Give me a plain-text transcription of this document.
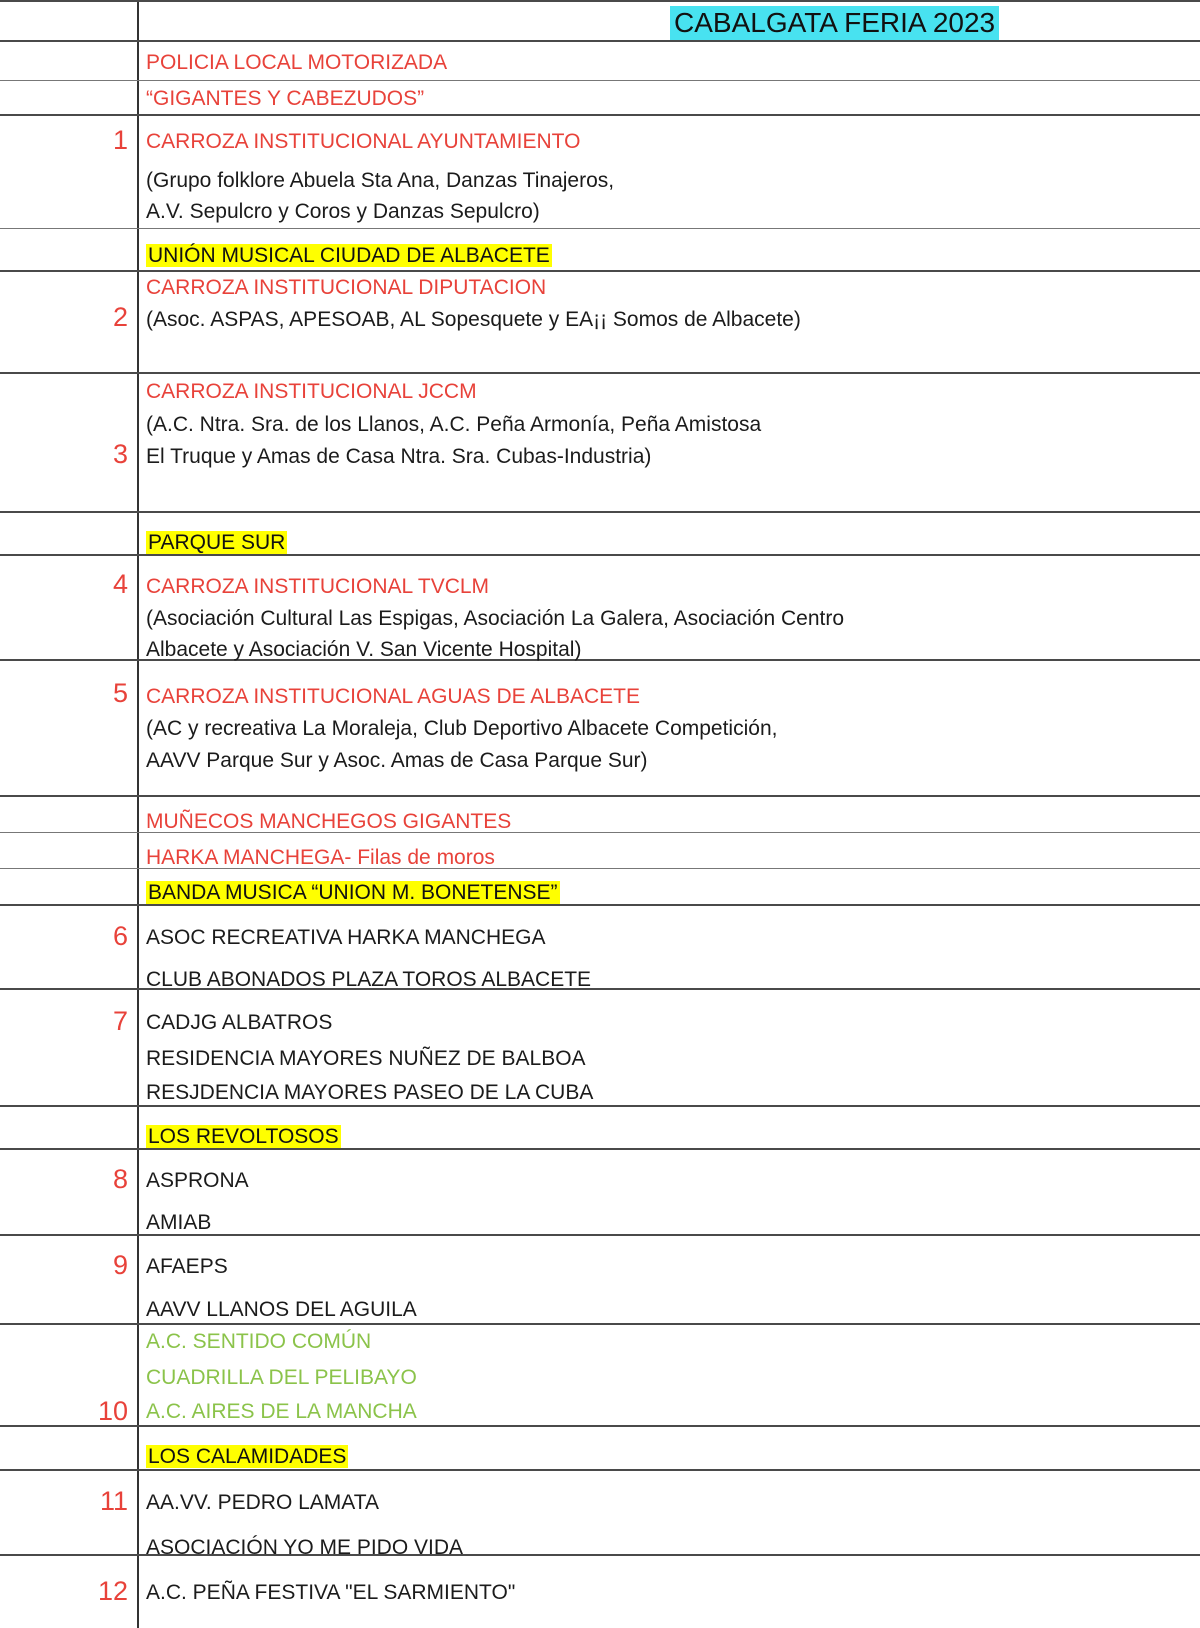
CABALGATA FERIA 2023
POLICIA LOCAL MOTORIZADA
“GIGANTES Y CABEZUDOS”
1 CARROZA INSTITUCIONAL AYUNTAMIENTO
(Grupo folklore Abuela Sta Ana, Danzas Tinajeros,
A.V. Sepulcro y Coros y Danzas Sepulcro)
UNIÓN MUSICAL CIUDAD DE ALBACETE
2
CARROZA INSTITUCIONAL DIPUTACION
(Asoc. ASPAS, APESOAB, AL Sopesquete y EA¡¡ Somos de Albacete)
CARROZA INSTITUCIONAL JCCM
(A.C. Ntra. Sra. de los Llanos, A.C. Peña Armonía, Peña Amistosa
3 El Truque y Amas de Casa Ntra. Sra. Cubas-Industria)
PARQUE SUR
4 CARROZA INSTITUCIONAL TVCLM
(Asociación Cultural Las Espigas, Asociación La Galera, Asociación Centro
Albacete y Asociación V. San Vicente Hospital)
5 CARROZA INSTITUCIONAL AGUAS DE ALBACETE
(AC y recreativa La Moraleja, Club Deportivo Albacete Competición,
AAVV Parque Sur y Asoc. Amas de Casa Parque Sur)
MUÑECOS MANCHEGOS GIGANTES
HARKA MANCHEGA- Filas de moros
BANDA MUSICA “UNION M. BONETENSE”
6 ASOC RECREATIVA HARKA MANCHEGA
CLUB ABONADOS PLAZA TOROS ALBACETE
7 CADJG ALBATROS
RESIDENCIA MAYORES NUÑEZ DE BALBOA
RESJDENCIA MAYORES PASEO DE LA CUBA
LOS REVOLTOSOS
8 ASPRONA
AMIAB
9 AFAEPS
AAVV LLANOS DEL AGUILA
A.C. SENTIDO COMÚN
CUADRILLA DEL PELIBAYO
10 A.C. AIRES DE LA MANCHA
LOS CALAMIDADES
11 AA.VV. PEDRO LAMATA
ASOCIACIÓN YO ME PIDO VIDA
12 A.C. PEÑA FESTIVA "EL SARMIENTO"
